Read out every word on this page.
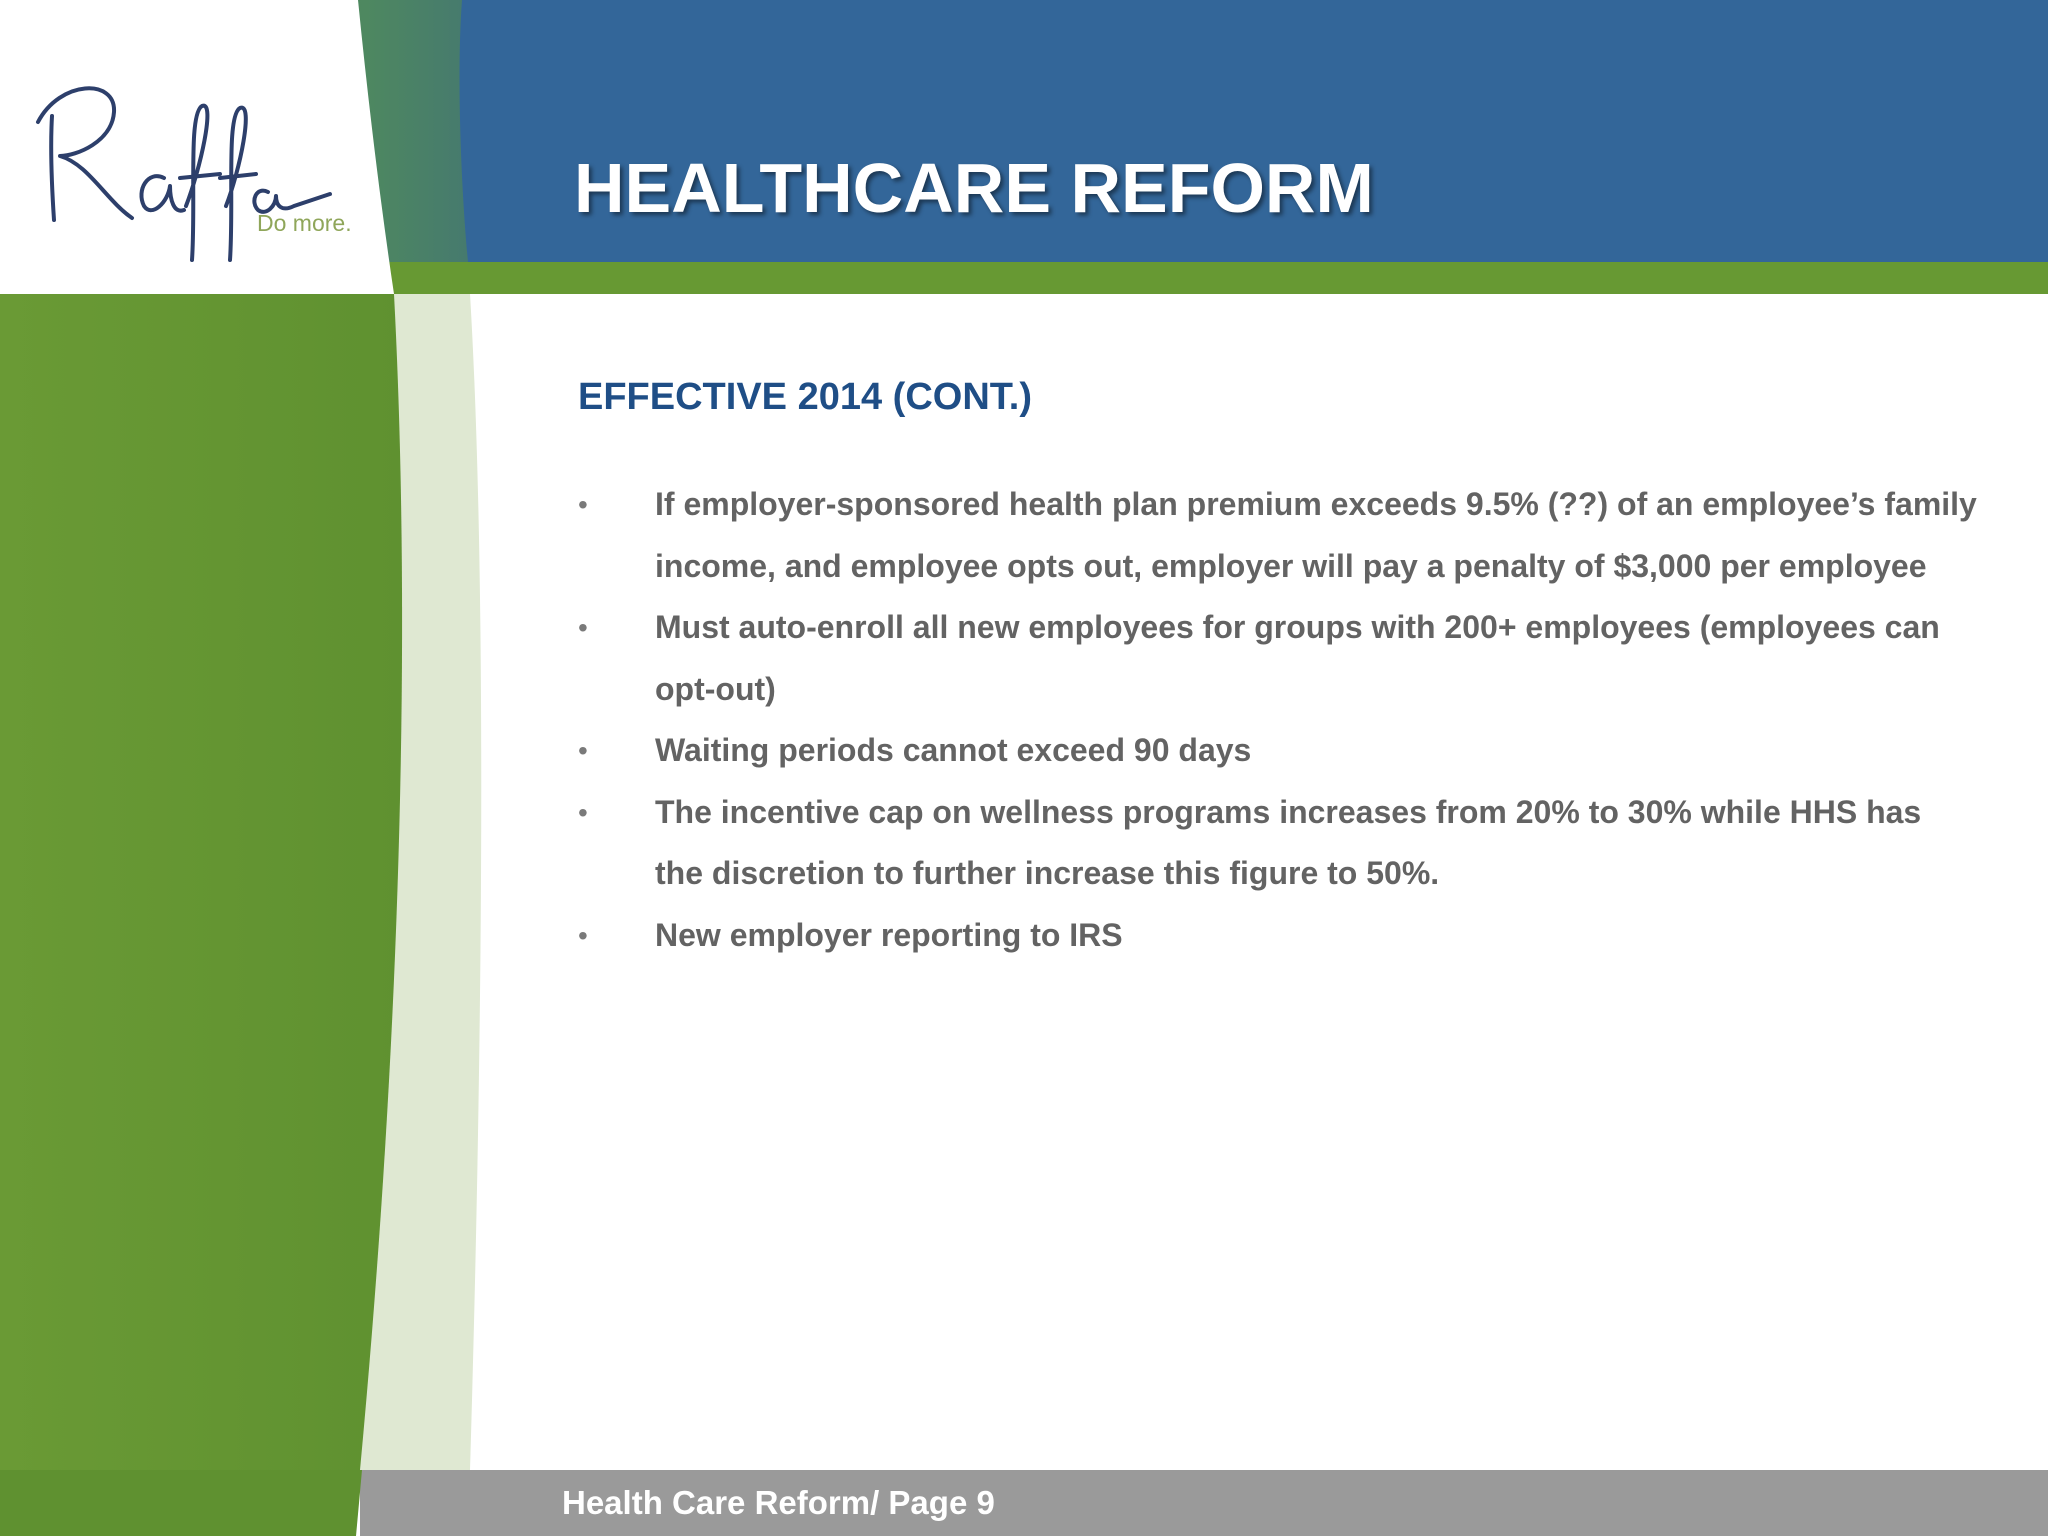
Do more.	HEALTHCARE REFORM
EFFECTIVE 2014 (CONT.)
• If employer-sponsored health plan premium exceeds 9.5% (??) of an employee’s family income, and employee opts out, employer will pay a penalty of $3,000 per employee
• Must auto-enroll all new employees for groups with 200+ employees (employees can opt-out)
• Waiting periods cannot exceed 90 days
• The incentive cap on wellness programs increases from 20% to 30% while HHS has the discretion to further increase this figure to 50%.
• New employer reporting to IRS
Health Care Reform/ Page 9
